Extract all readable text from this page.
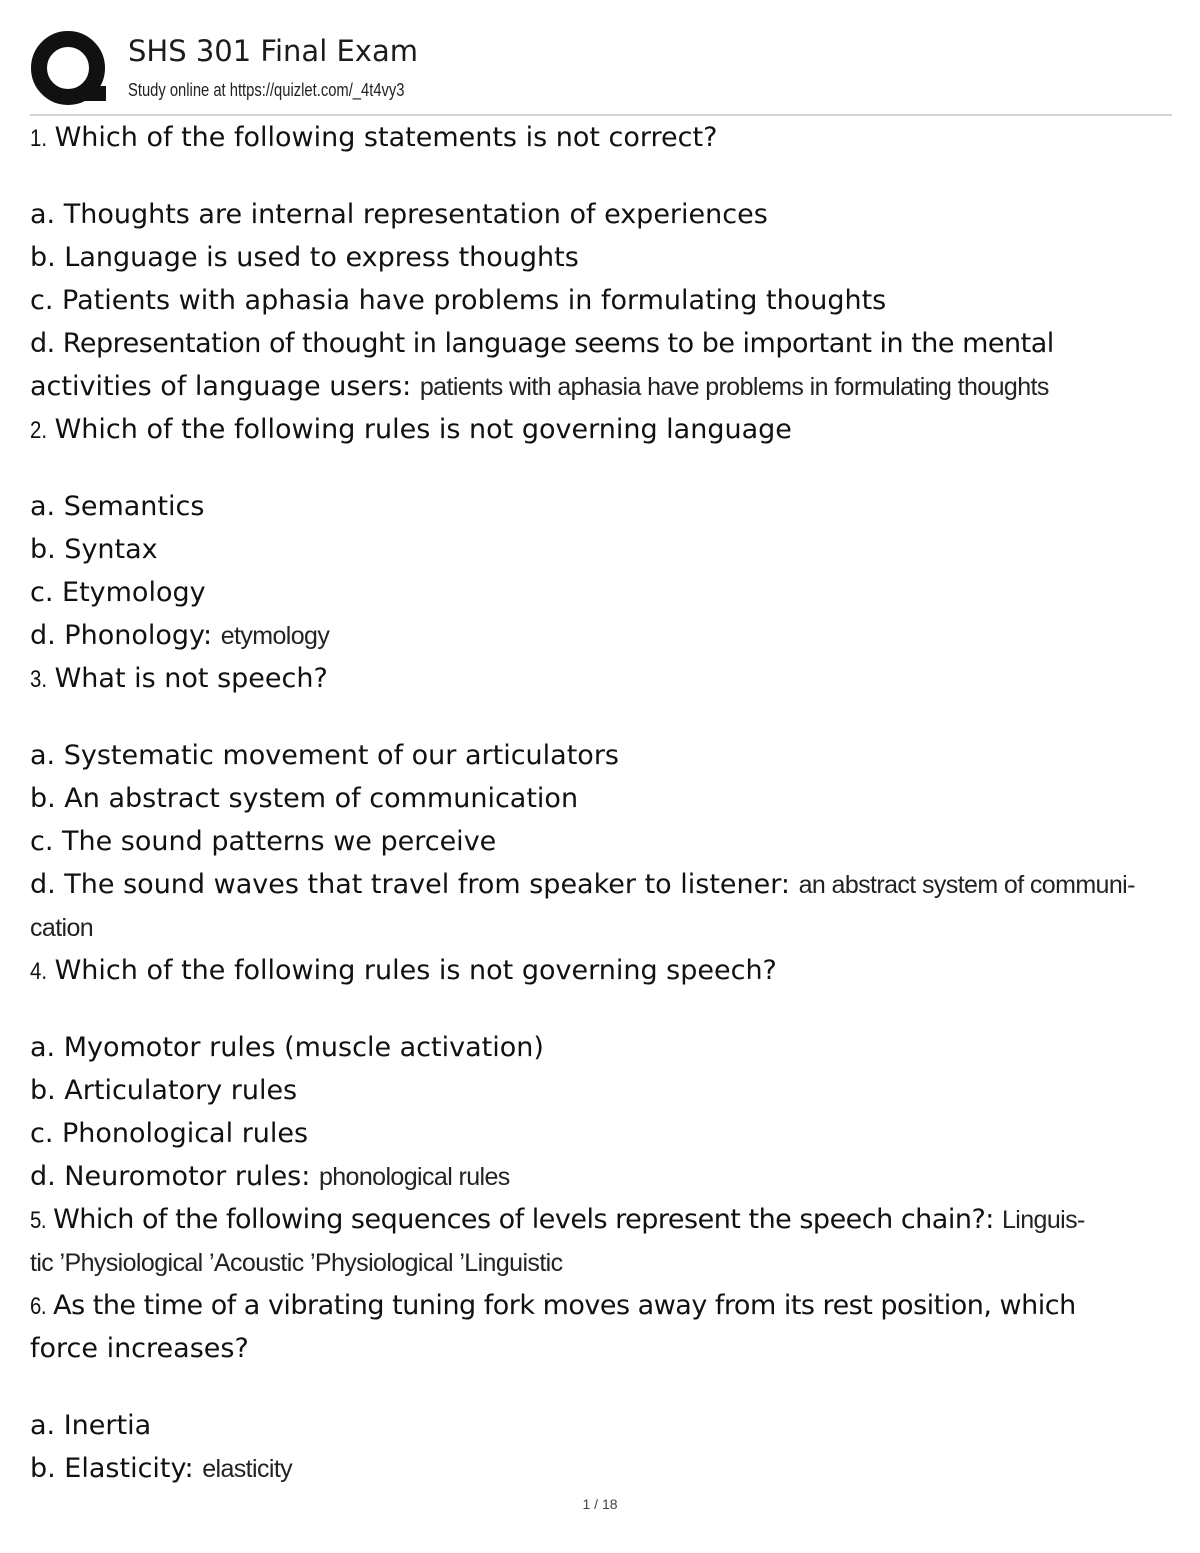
SHS 301 Final Exam
Study online at https://quizlet.com/_4t4vy3
1. Which of the following statements is not correct?
a. Thoughts are internal representation of experiences
b. Language is used to express thoughts
c. Patients with aphasia have problems in formulating thoughts
d. Representation of thought in language seems to be important in the mental
activities of language users: patients with aphasia have problems in formulating thoughts
2. Which of the following rules is not governing language
a. Semantics
b. Syntax
c. Etymology
d. Phonology: etymology
3. What is not speech?
a. Systematic movement of our articulators
b. An abstract system of communication
c. The sound patterns we perceive
d. The sound waves that travel from speaker to listener: an abstract system of communi-
cation
4. Which of the following rules is not governing speech?
a. Myomotor rules (muscle activation)
b. Articulatory rules
c. Phonological rules
d. Neuromotor rules: phonological rules
5. Which of the following sequences of levels represent the speech chain?: Linguis-
tic ’Physiological ’Acoustic ’Physiological ’Linguistic
6. As the time of a vibrating tuning fork moves away from its rest position, which
force increases?
a. Inertia
b. Elasticity: elasticity
1 / 18
